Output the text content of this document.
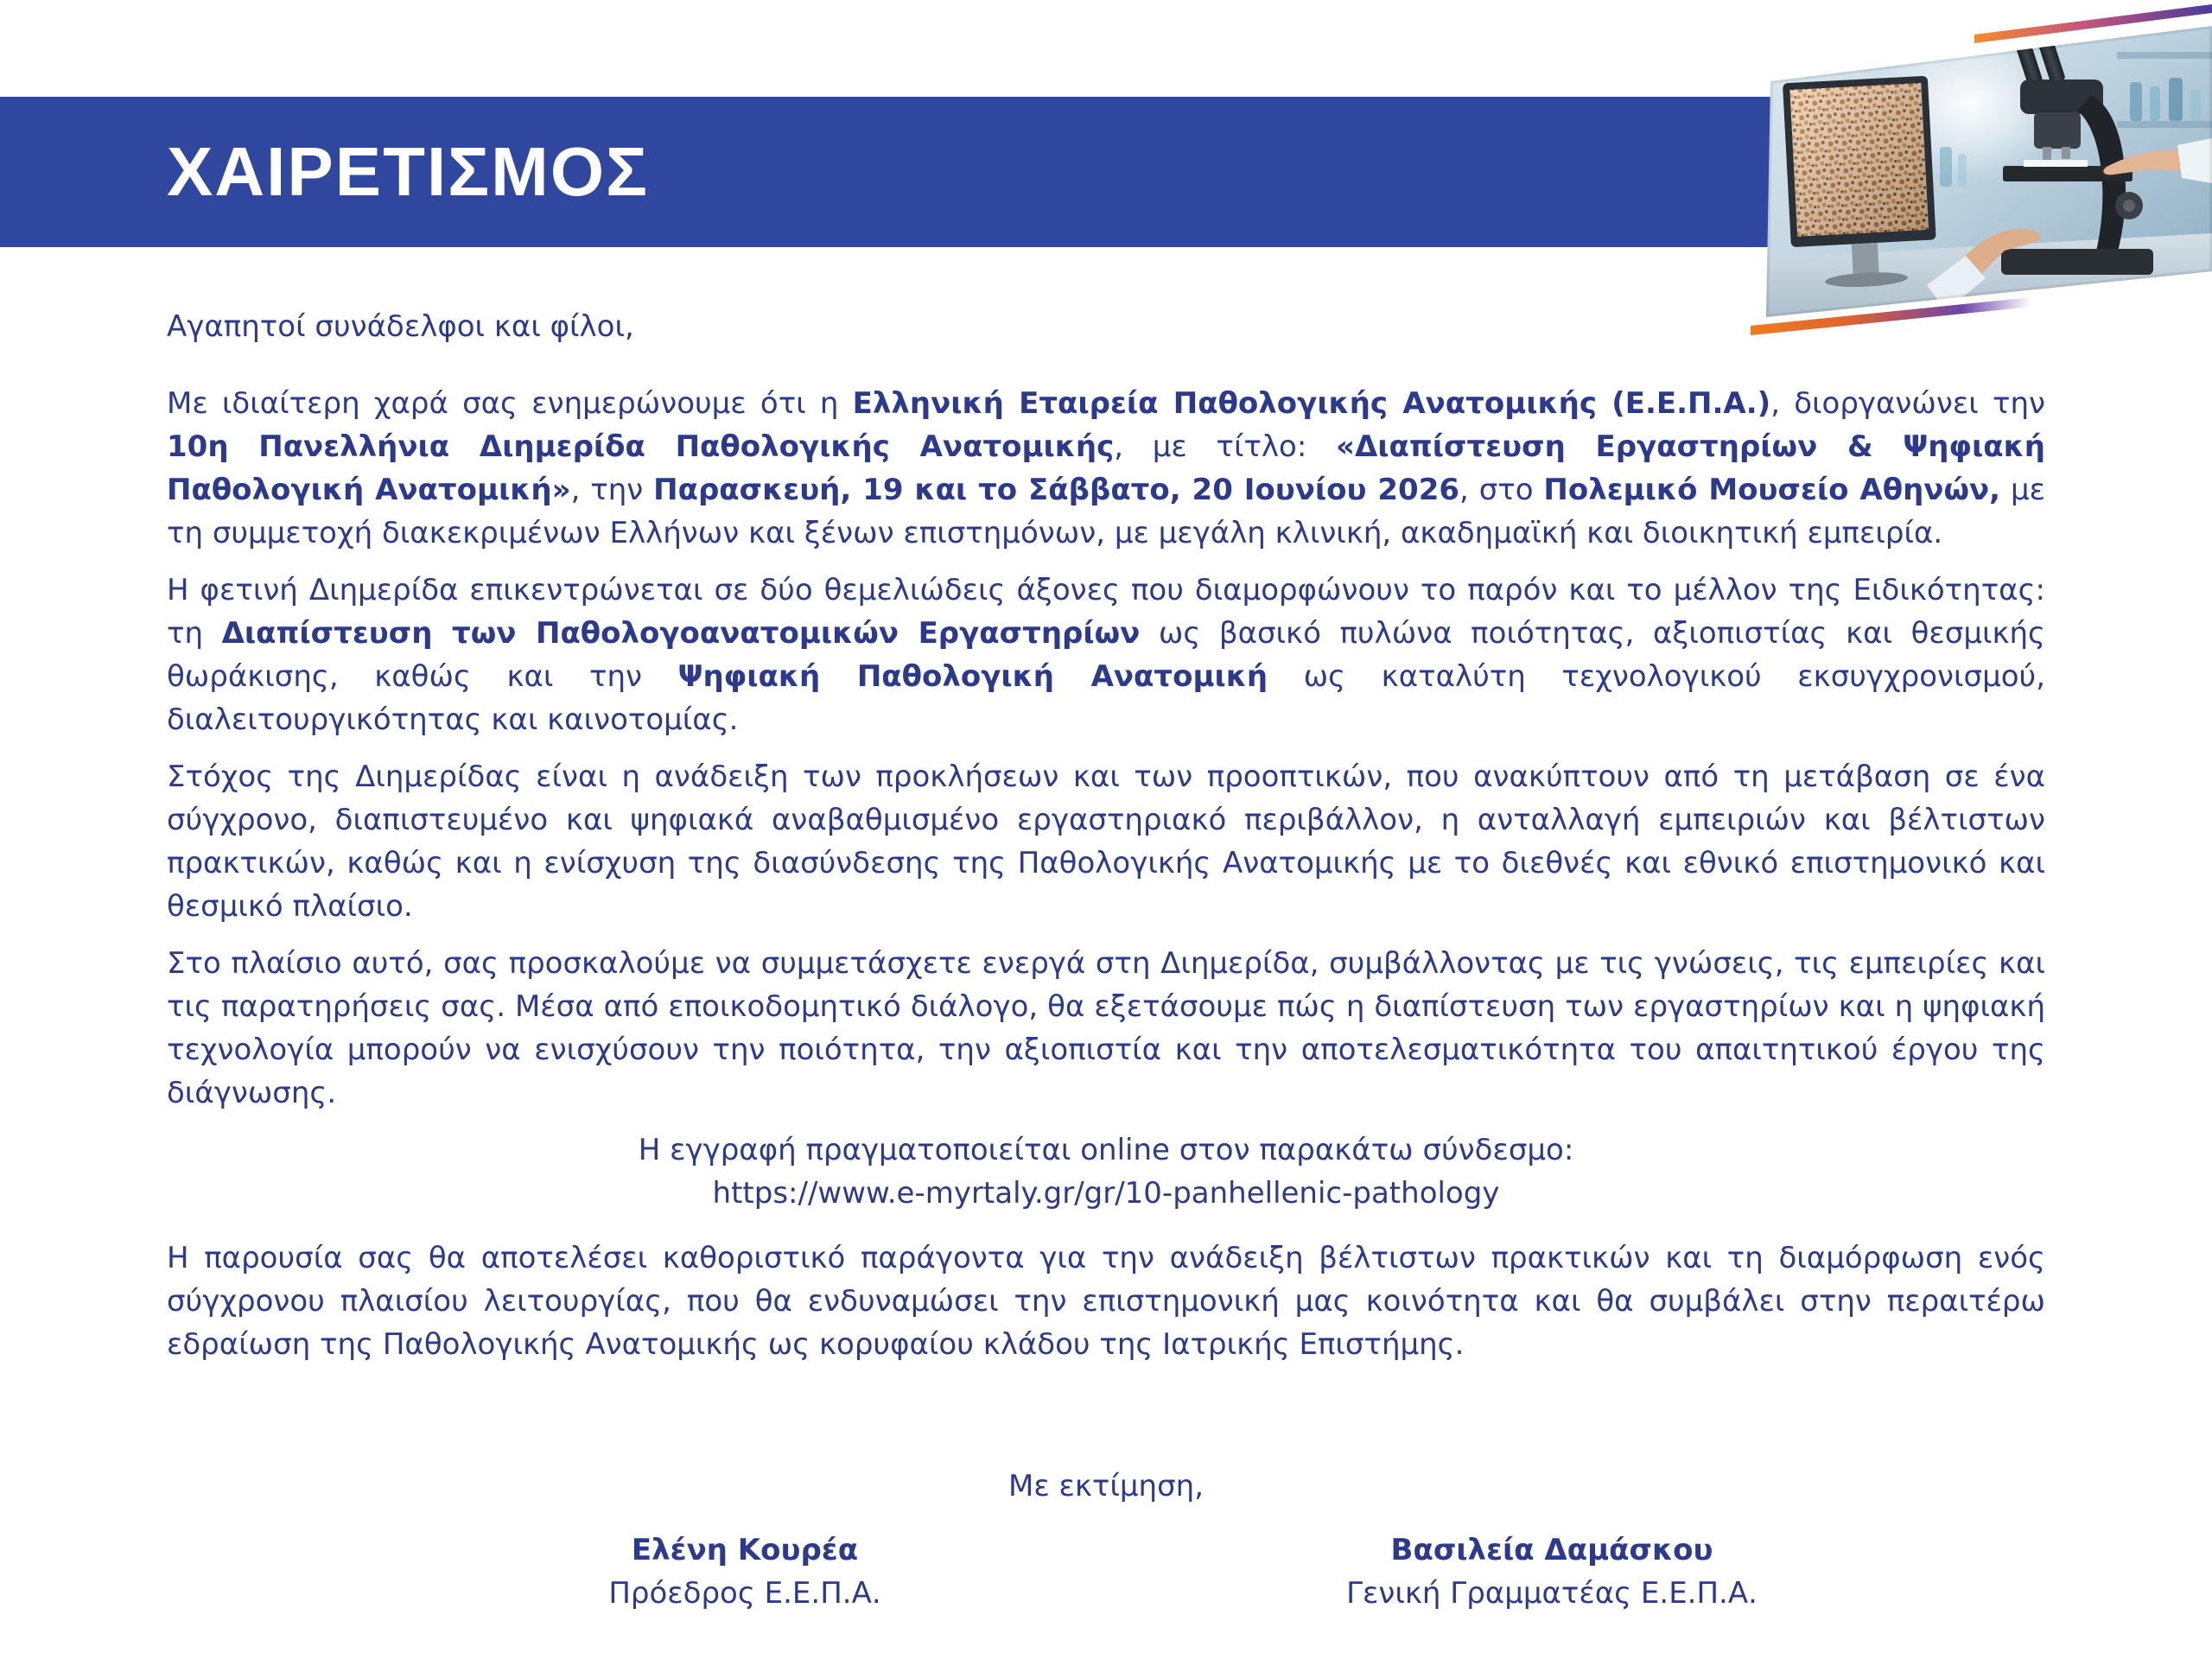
ΧΑΙΡΕΤΙΣΜΟΣ

Αγαπητοί συνάδελφοι και φίλοι,

Με ιδιαίτερη χαρά σας ενημερώνουμε ότι η Ελληνική Εταιρεία Παθολογικής Ανατομικής (Ε.Ε.Π.Α.), διοργανώνει την 10η Πανελλήνια Διημερίδα Παθολογικής Ανατομικής, με τίτλο: «Διαπίστευση Εργαστηρίων & Ψηφιακή Παθολογική Ανατομική», την Παρασκευή, 19 και το Σάββατο, 20 Ιουνίου 2026, στο Πολεμικό Μουσείο Αθηνών, με τη συμμετοχή διακεκριμένων Ελλήνων και ξένων επιστημόνων, με μεγάλη κλινική, ακαδημαϊκή και διοικητική εμπειρία.

Η φετινή Διημερίδα επικεντρώνεται σε δύο θεμελιώδεις άξονες που διαμορφώνουν το παρόν και το μέλλον της Ειδικότητας: τη Διαπίστευση των Παθολογοανατομικών Εργαστηρίων ως βασικό πυλώνα ποιότητας, αξιοπιστίας και θεσμικής θωράκισης, καθώς και την Ψηφιακή Παθολογική Ανατομική ως καταλύτη τεχνολογικού εκσυγχρονισμού, διαλειτουργικότητας και καινοτομίας.

Στόχος της Διημερίδας είναι η ανάδειξη των προκλήσεων και των προοπτικών, που ανακύπτουν από τη μετάβαση σε ένα σύγχρονο, διαπιστευμένο και ψηφιακά αναβαθμισμένο εργαστηριακό περιβάλλον, η ανταλλαγή εμπειριών και βέλτιστων πρακτικών, καθώς και η ενίσχυση της διασύνδεσης της Παθολογικής Ανατομικής με το διεθνές και εθνικό επιστημονικό και θεσμικό πλαίσιο.

Στο πλαίσιο αυτό, σας προσκαλούμε να συμμετάσχετε ενεργά στη Διημερίδα, συμβάλλοντας με τις γνώσεις, τις εμπειρίες και τις παρατηρήσεις σας. Μέσα από εποικοδομητικό διάλογο, θα εξετάσουμε πώς η διαπίστευση των εργαστηρίων και η ψηφιακή τεχνολογία μπορούν να ενισχύσουν την ποιότητα, την αξιοπιστία και την αποτελεσματικότητα του απαιτητικού έργου της διάγνωσης.

Η εγγραφή πραγματοποιείται online στον παρακάτω σύνδεσμο:
https://www.e-myrtaly.gr/gr/10-panhellenic-pathology

Η παρουσία σας θα αποτελέσει καθοριστικό παράγοντα για την ανάδειξη βέλτιστων πρακτικών και τη διαμόρφωση ενός σύγχρονου πλαισίου λειτουργίας, που θα ενδυναμώσει την επιστημονική μας κοινότητα και θα συμβάλει στην περαιτέρω εδραίωση της Παθολογικής Ανατομικής ως κορυφαίου κλάδου της Ιατρικής Επιστήμης.

Με εκτίμηση,
Ελένη Κουρέα
Πρόεδρος Ε.Ε.Π.Α.
Βασιλεία Δαμάσκου
Γενική Γραμματέας Ε.Ε.Π.Α.
